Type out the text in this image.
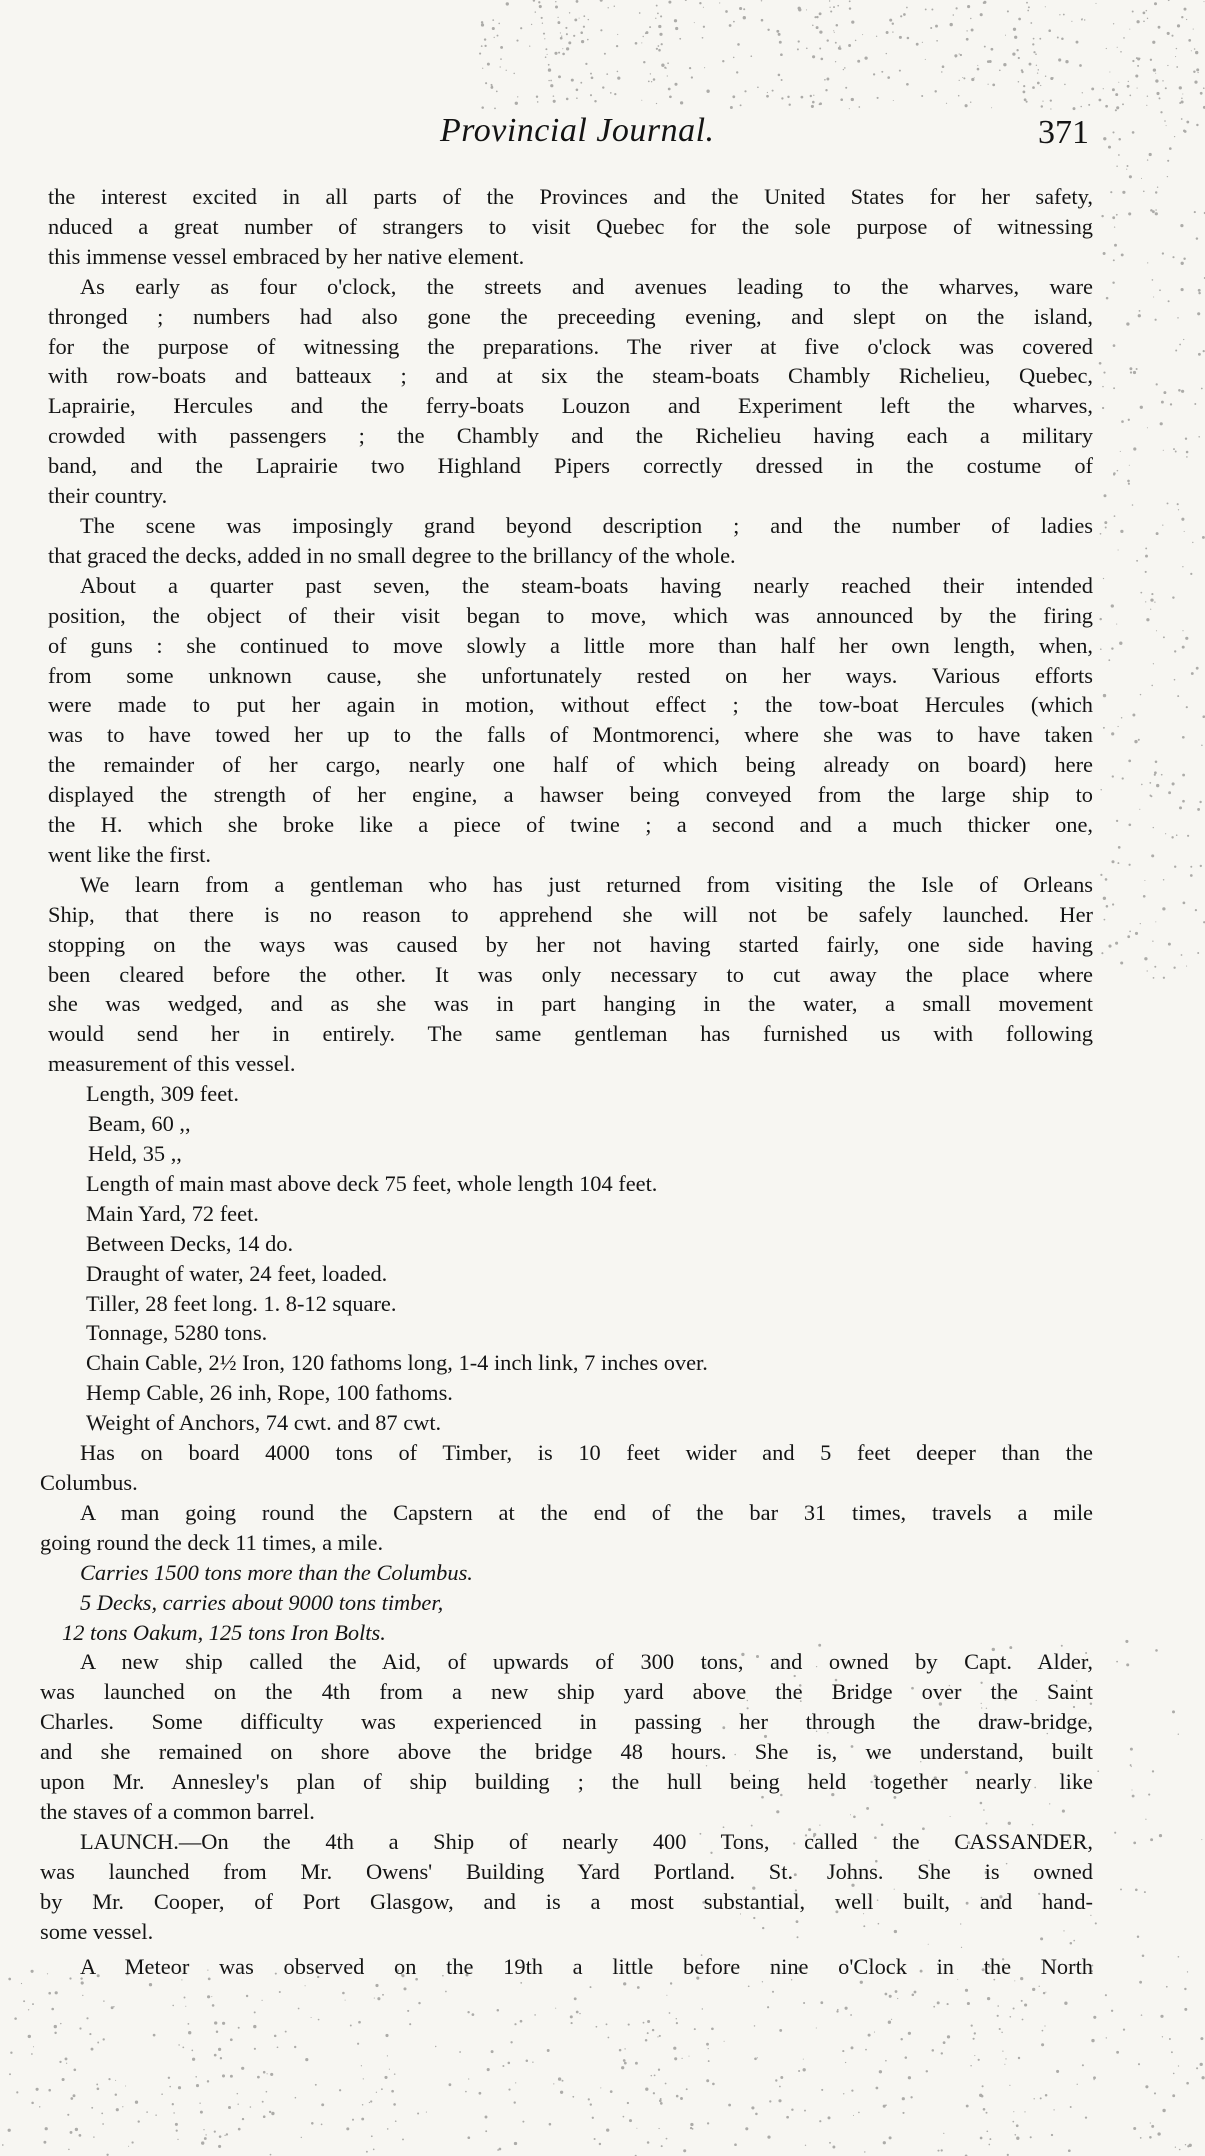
Provincial Journal.	371

the interest excited in all parts of the Provinces and the United States for her safety,
nduced a great number of strangers to visit Quebec for the sole purpose of witnessing
this immense vessel embraced by her native element.

As early as four o'clock, the streets and avenues leading to the wharves, ware
thronged ; numbers had also gone the preceeding evening, and slept on the island,
for the purpose of witnessing the preparations. The river at five o'clock was covered
with row-boats and batteaux ; and at six the steam-boats Chambly Richelieu, Quebec,
Laprairie, Hercules and the ferry-boats Louzon and Experiment left the wharves,
crowded with passengers ; the Chambly and the Richelieu having each a military
band, and the Laprairie two Highland Pipers correctly dressed in the costume of
their country.
The scene was imposingly grand beyond description ; and the number of ladies
that graced the decks, added in no small degree to the brillancy of the whole.
About a quarter past seven, the steam-boats having nearly reached their intended
position, the object of their visit began to move, which was announced by the firing
of guns : she continued to move slowly a little more than half her own length, when,
from some unknown cause, she unfortunately rested on her ways. Various efforts
were made to put her again in motion, without effect ; the tow-boat Hercules (which
was to have towed her up to the falls of Montmorenci, where she was to have taken
the remainder of her cargo, nearly one half of which being already on board) here
displayed the strength of her engine, a hawser being conveyed from the large ship to
the H. which she broke like a piece of twine ; a second and a much thicker one,
went like the first.
We learn from a gentleman who has just returned from visiting the Isle of Orleans
Ship, that there is no reason to apprehend she will not be safely launched. Her
stopping on the ways was caused by her not having started fairly, one side having
been cleared before the other. It was only necessary to cut away the place where
she was wedged, and as she was in part hanging in the water, a small movement
would send her in entirely. The same gentleman has furnished us with following
measurement of this vessel.

Length, 309 feet.

Beam, 60 ,,

Held, 35 ,,

Length of main mast above deck 75 feet, whole length 104 feet.

Main Yard, 72 feet.

Between Decks, 14 do.

Draught of water, 24 feet, loaded.

Tiller, 28 feet long. 1. 8-12 square.

Tonnage, 5280 tons.

Chain Cable, 2½ Iron, 120 fathoms long, 1-4 inch link, 7 inches over.

Hemp Cable, 26 inh, Rope, 100 fathoms.

Weight of Anchors, 74 cwt. and 87 cwt.

Has on board 4000 tons of Timber, is 10 feet wider and 5 feet deeper than the
Columbus.
A man going round the Capstern at the end of the bar 31 times, travels a mile
going round the deck 11 times, a mile.

Carries 1500 tons more than the Columbus.

5 Decks, carries about 9000 tons timber,

12 tons Oakum, 125 tons Iron Bolts.

A new ship called the Aid, of upwards of 300 tons, and owned by Capt. Alder,
was launched on the 4th from a new ship yard above the Bridge over the Saint
Charles. Some difficulty was experienced in passing her through the draw-bridge,
and she remained on shore above the bridge 48 hours. She is, we understand, built
upon Mr. Annesley's plan of ship building ; the hull being held together nearly like
the staves of a common barrel.
LAUNCH.—On the 4th a Ship of nearly 400 Tons, called the CASSANDER,
was launched from Mr. Owens' Building Yard Portland. St. Johns. She is owned
by Mr. Cooper, of Port Glasgow, and is a most substantial, well built, and hand-
some vessel.

A Meteor was observed on the 19th a little before nine o'Clock in the North
